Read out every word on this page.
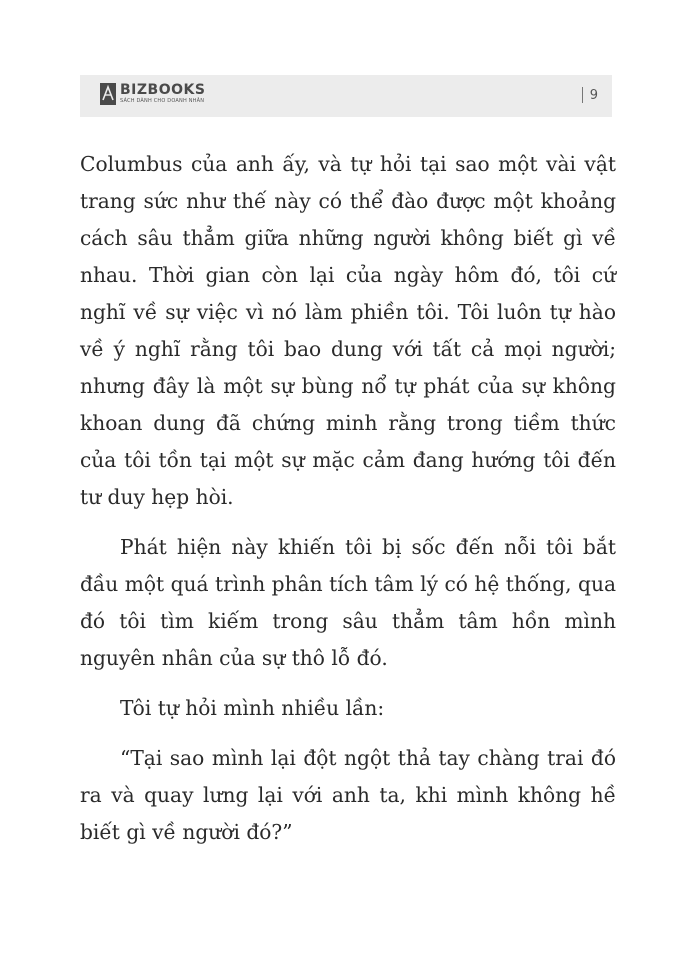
BIZBOOKS
SÁCH DÀNH CHO DOANH NHÂN	9

Columbus của anh ấy, và tự hỏi tại sao một vài vật trang sức như thế này có thể đào được một khoảng cách sâu thẳm giữa những người không biết gì về nhau. Thời gian còn lại của ngày hôm đó, tôi cứ nghĩ về sự việc vì nó làm phiền tôi. Tôi luôn tự hào về ý nghĩ rằng tôi bao dung với tất cả mọi người; nhưng đây là một sự bùng nổ tự phát của sự không khoan dung đã chứng minh rằng trong tiềm thức của tôi tồn tại một sự mặc cảm đang hướng tôi đến tư duy hẹp hòi.

Phát hiện này khiến tôi bị sốc đến nỗi tôi bắt đầu một quá trình phân tích tâm lý có hệ thống, qua đó tôi tìm kiếm trong sâu thẳm tâm hồn mình nguyên nhân của sự thô lỗ đó.

Tôi tự hỏi mình nhiều lần:

“Tại sao mình lại đột ngột thả tay chàng trai đó ra và quay lưng lại với anh ta, khi mình không hề biết gì về người đó?”
